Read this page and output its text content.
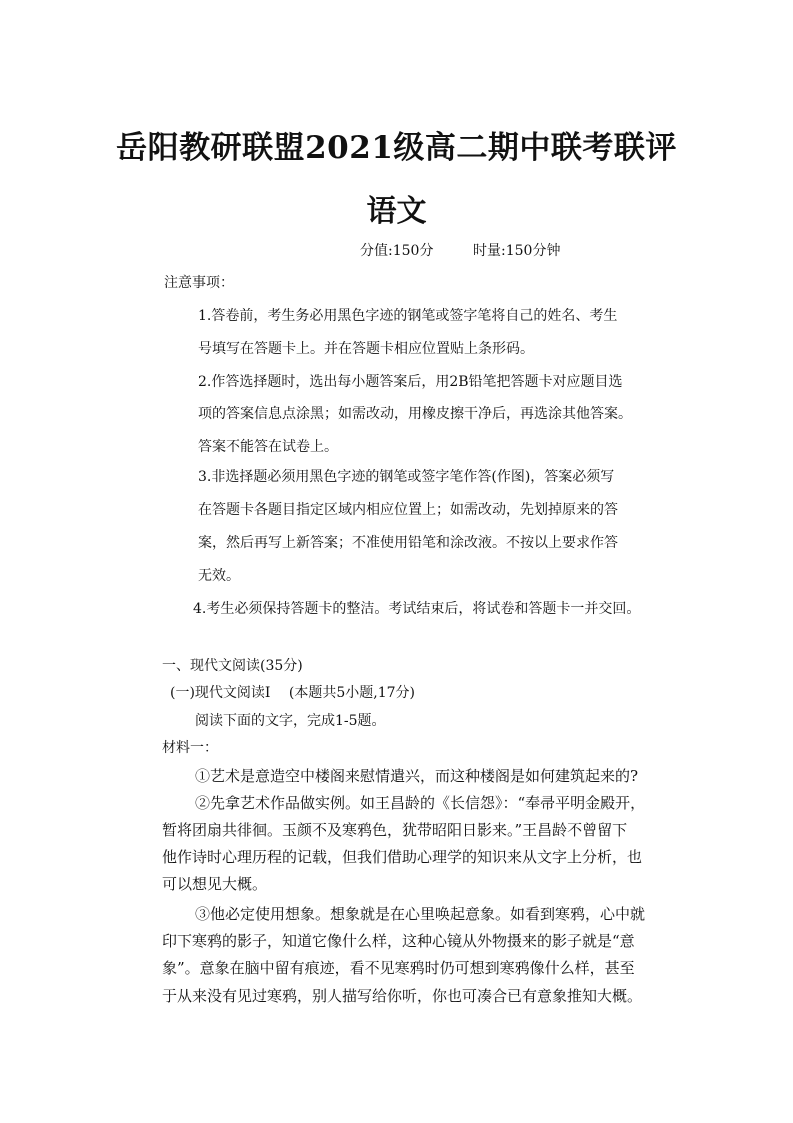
岳阳教研联盟2021级高二期中联考联评
语文
分值:150分	时量:150分钟
注意事项：
1.答卷前，考生务必用黑色字迹的钢笔或签字笔将自己的姓名、考生
号填写在答题卡上。并在答题卡相应位置贴上条形码。
2.作答选择题时，选出每小题答案后，用2B铅笔把答题卡对应题目选
项的答案信息点涂黑；如需改动，用橡皮擦干净后，再选涂其他答案。
答案不能答在试卷上。
3.非选择题必须用黑色字迹的钢笔或签字笔作答(作图)，答案必须写
在答题卡各题目指定区域内相应位置上；如需改动，先划掉原来的答
案，然后再写上新答案；不准使用铅笔和涂改液。不按以上要求作答
无效。
4.考生必须保持答题卡的整洁。考试结束后，将试卷和答题卡一并交回。
一、现代文阅读(35分)
(一)现代文阅读Ⅰ　 (本题共5小题,17分)
阅读下面的文字，完成1-5题。
材料一：
①艺术是意造空中楼阁来慰情遣兴，而这种楼阁是如何建筑起来的?
②先拿艺术作品做实例。如王昌龄的《长信怨》：“奉帚平明金殿开，
暂将团扇共徘徊。玉颜不及寒鸦色，犹带昭阳日影来。”王昌龄不曾留下
他作诗时心理历程的记载，但我们借助心理学的知识来从文字上分析，也
可以想见大概。
③他必定使用想象。想象就是在心里唤起意象。如看到寒鸦，心中就
印下寒鸦的影子，知道它像什么样，这种心镜从外物摄来的影子就是“意
象”。意象在脑中留有痕迹，看不见寒鸦时仍可想到寒鸦像什么样，甚至
于从来没有见过寒鸦，别人描写给你听，你也可凑合已有意象推知大概。
